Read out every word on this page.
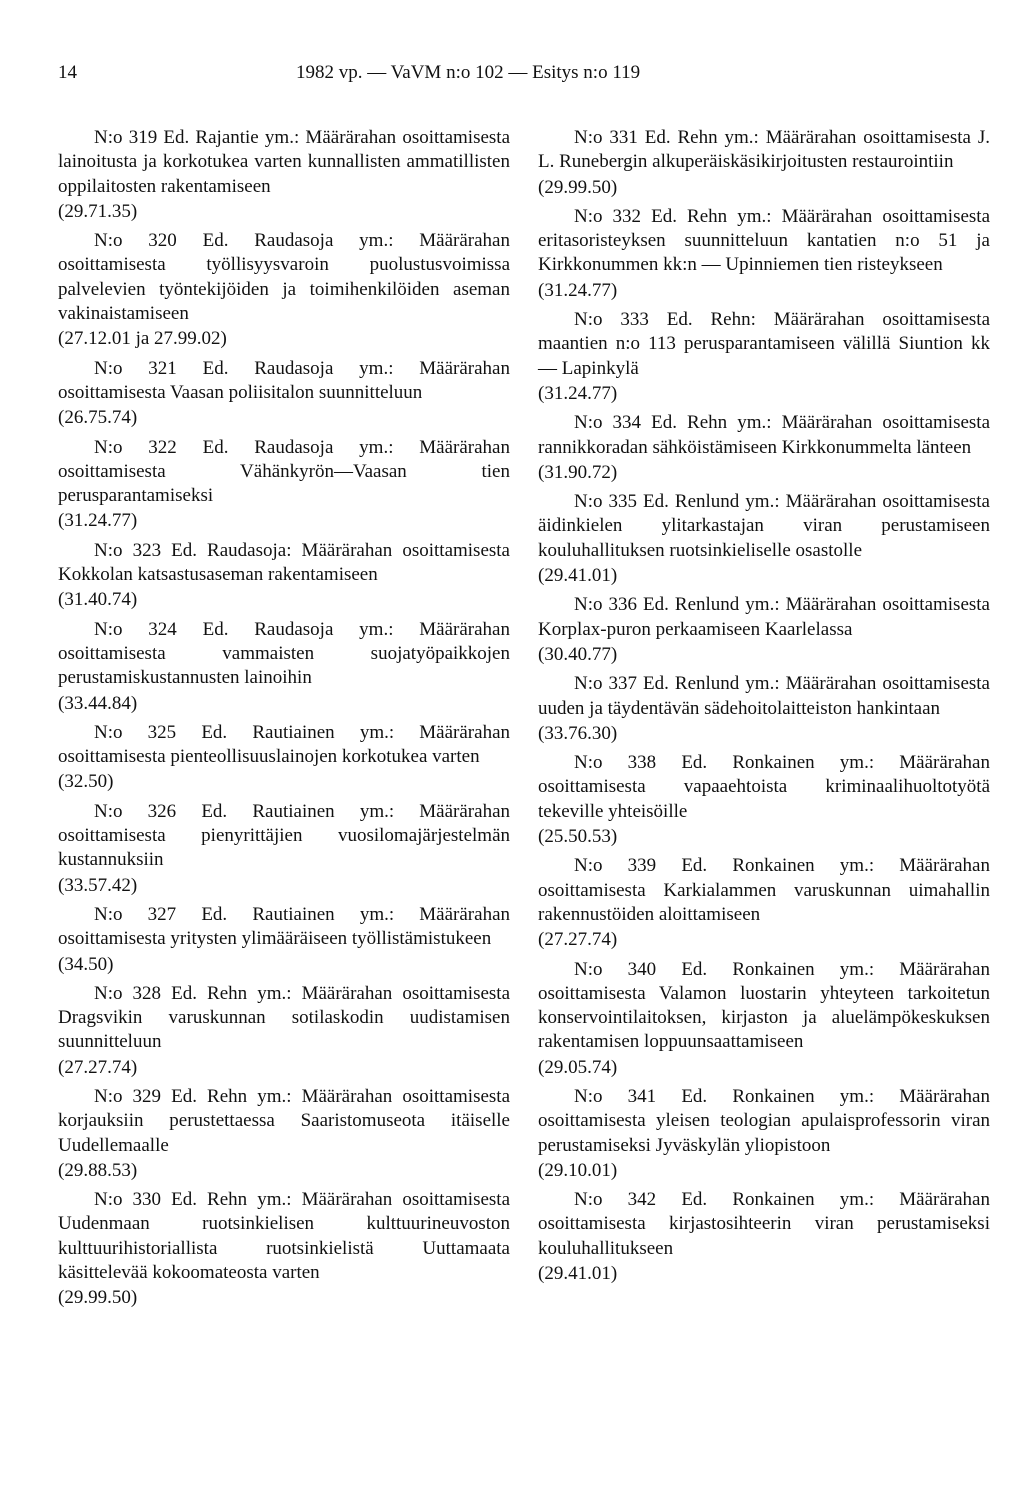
14	1982 vp. — VaVM n:o 102 — Esitys n:o 119

N:o 319 Ed. Rajantie ym.: Määrärahan osoittamisesta lainoitusta ja korkotukea varten kunnallisten ammatillisten oppilaitosten rakentamiseen

(29.71.35)

N:o 320 Ed. Raudasoja ym.: Määrärahan osoittamisesta työllisyysvaroin puolustusvoimissa palvelevien työntekijöiden ja toimihenkilöiden aseman vakinaistamiseen

(27.12.01 ja 27.99.02)

N:o 321 Ed. Raudasoja ym.: Määrärahan osoittamisesta Vaasan poliisitalon suunnitteluun

(26.75.74)

N:o 322 Ed. Raudasoja ym.: Määrärahan osoittamisesta Vähänkyrön—Vaasan tien perusparantamiseksi

(31.24.77)

N:o 323 Ed. Raudasoja: Määrärahan osoittamisesta Kokkolan katsastusaseman rakentamiseen

(31.40.74)

N:o 324 Ed. Raudasoja ym.: Määrärahan osoittamisesta vammaisten suojatyöpaikkojen perustamiskustannusten lainoihin

(33.44.84)

N:o 325 Ed. Rautiainen ym.: Määrärahan osoittamisesta pienteollisuuslainojen korkotukea varten

(32.50)

N:o 326 Ed. Rautiainen ym.: Määrärahan osoittamisesta pienyrittäjien vuosilomajärjestelmän kustannuksiin

(33.57.42)

N:o 327 Ed. Rautiainen ym.: Määrärahan osoittamisesta yritysten ylimääräiseen työllistämistukeen

(34.50)

N:o 328 Ed. Rehn ym.: Määrärahan osoittamisesta Dragsvikin varuskunnan sotilaskodin uudistamisen suunnitteluun

(27.27.74)

N:o 329 Ed. Rehn ym.: Määrärahan osoittamisesta korjauksiin perustettaessa Saaristomuseota itäiselle Uudellemaalle

(29.88.53)

N:o 330 Ed. Rehn ym.: Määrärahan osoittamisesta Uudenmaan ruotsinkielisen kulttuurineuvoston kulttuurihistoriallista ruotsinkielistä Uuttamaata käsittelevää kokoomateosta varten

(29.99.50)

N:o 331 Ed. Rehn ym.: Määrärahan osoittamisesta J. L. Runebergin alkuperäiskäsikirjoitusten restaurointiin

(29.99.50)

N:o 332 Ed. Rehn ym.: Määrärahan osoittamisesta eritasoristeyksen suunnitteluun kantatien n:o 51 ja Kirkkonummen kk:n — Upinniemen tien risteykseen

(31.24.77)

N:o 333 Ed. Rehn: Määrärahan osoittamisesta maantien n:o 113 perusparantamiseen välillä Siuntion kk — Lapinkylä

(31.24.77)

N:o 334 Ed. Rehn ym.: Määrärahan osoittamisesta rannikkoradan sähköistämiseen Kirkkonummelta länteen

(31.90.72)

N:o 335 Ed. Renlund ym.: Määrärahan osoittamisesta äidinkielen ylitarkastajan viran perustamiseen kouluhallituksen ruotsinkieliselle osastolle

(29.41.01)

N:o 336 Ed. Renlund ym.: Määrärahan osoittamisesta Korplax-puron perkaamiseen Kaarlelassa

(30.40.77)

N:o 337 Ed. Renlund ym.: Määrärahan osoittamisesta uuden ja täydentävän sädehoitolaitteiston hankintaan

(33.76.30)

N:o 338 Ed. Ronkainen ym.: Määrärahan osoittamisesta vapaaehtoista kriminaalihuoltotyötä tekeville yhteisöille

(25.50.53)

N:o 339 Ed. Ronkainen ym.: Määrärahan osoittamisesta Karkialammen varuskunnan uimahallin rakennustöiden aloittamiseen

(27.27.74)

N:o 340 Ed. Ronkainen ym.: Määrärahan osoittamisesta Valamon luostarin yhteyteen tarkoitetun konservointilaitoksen, kirjaston ja aluelämpökeskuksen rakentamisen loppuunsaattamiseen

(29.05.74)

N:o 341 Ed. Ronkainen ym.: Määrärahan osoittamisesta yleisen teologian apulaisprofessorin viran perustamiseksi Jyväskylän yliopistoon

(29.10.01)

N:o 342 Ed. Ronkainen ym.: Määrärahan osoittamisesta kirjastosihteerin viran perustamiseksi kouluhallitukseen

(29.41.01)
